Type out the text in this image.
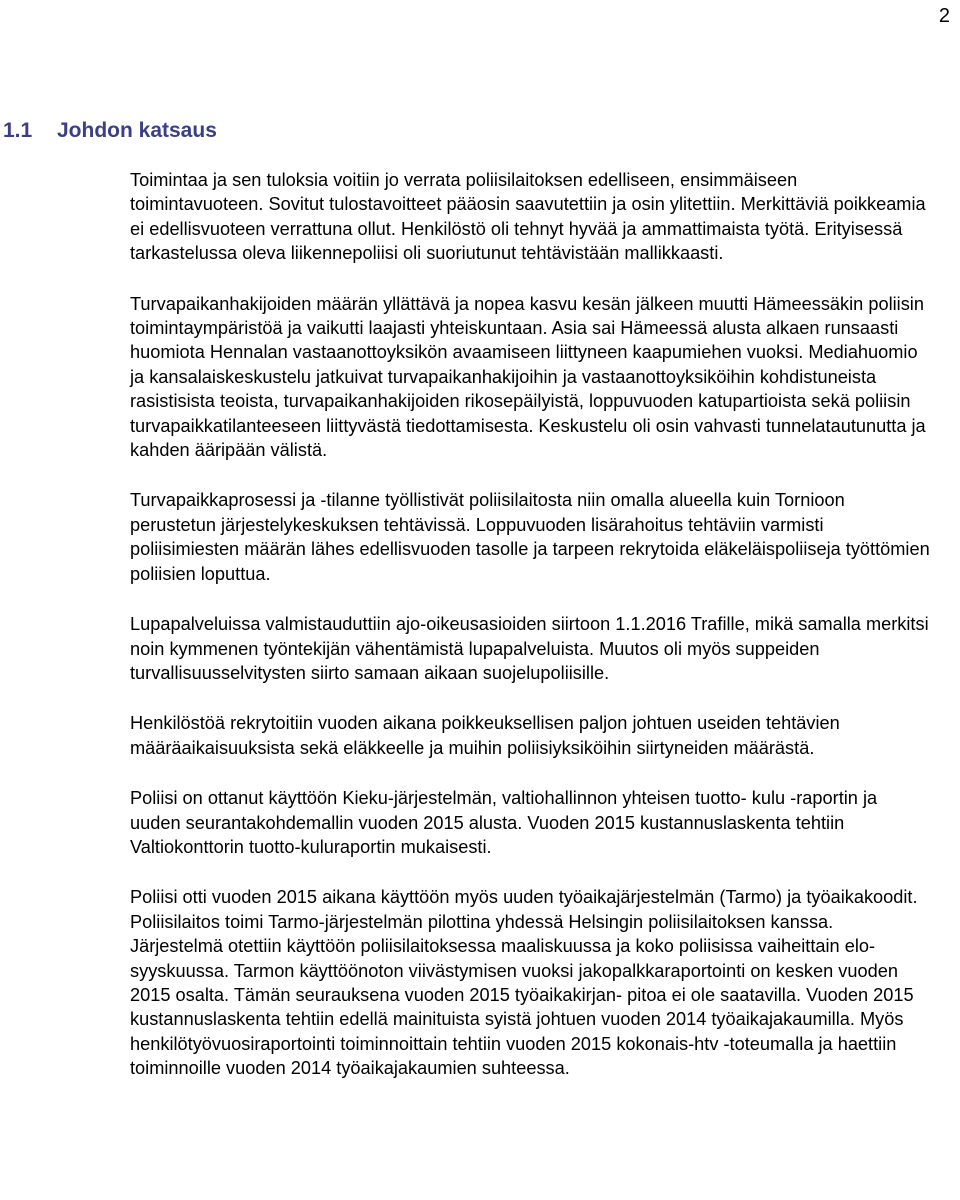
2
1.1 Johdon katsaus

Toimintaa ja sen tuloksia voitiin jo verrata poliisilaitoksen edelliseen, ensimmäiseen toimintavuoteen. Sovitut tulostavoitteet pääosin saavutettiin ja osin ylitettiin. Merkittäviä poikkeamia ei edellisvuoteen verrattuna ollut. Henkilöstö oli tehnyt hyvää ja ammattimaista työtä. Erityisessä tarkastelussa oleva liikennepoliisi oli suoriutunut tehtävistään mallikkaasti.

Turvapaikanhakijoiden määrän yllättävä ja nopea kasvu kesän jälkeen muutti Hämeessäkin poliisin toimintaympäristöä ja vaikutti laajasti yhteiskuntaan. Asia sai Hämeessä alusta alkaen runsaasti huomiota Hennalan vastaanottoyksikön avaamiseen liittyneen kaapumiehen vuoksi. Mediahuomio ja kansalaiskeskustelu jatkuivat turvapaikanhakijoihin ja vastaanottoyksiköihin kohdistuneista rasistisista teoista, turvapaikanhakijoiden rikosepäilyistä, loppuvuoden katupartioista sekä poliisin turvapaikkatilanteeseen liittyvästä tiedottamisesta. Keskustelu oli osin vahvasti tunnelatautunutta ja kahden ääripään välistä.

Turvapaikkaprosessi ja -tilanne työllistivät poliisilaitosta niin omalla alueella kuin Tornioon perustetun järjestelykeskuksen tehtävissä. Loppuvuoden lisärahoitus tehtäviin varmisti poliisimiesten määrän lähes edellisvuoden tasolle ja tarpeen rekrytoida eläkeläispoliiseja työttömien poliisien loputtua.

Lupapalveluissa valmistauduttiin ajo-oikeusasioiden siirtoon 1.1.2016 Trafille, mikä samalla merkitsi noin kymmenen työntekijän vähentämistä lupapalveluista. Muutos oli myös suppeiden turvallisuusselvitysten siirto samaan aikaan suojelupoliisille.

Henkilöstöä rekrytoitiin vuoden aikana poikkeuksellisen paljon johtuen useiden tehtävien määräaikaisuuksista sekä eläkkeelle ja muihin poliisiyksiköihin siirtyneiden määrästä.

Poliisi on ottanut käyttöön Kieku-järjestelmän, valtiohallinnon yhteisen tuotto- kulu -raportin ja uuden seurantakohdemallin vuoden 2015 alusta. Vuoden 2015 kustannuslaskenta tehtiin Valtiokonttorin tuotto-kuluraportin mukaisesti.

Poliisi otti vuoden 2015 aikana käyttöön myös uuden työaikajärjestelmän (Tarmo) ja työaikakoodit. Poliisilaitos toimi Tarmo-järjestelmän pilottina yhdessä Helsingin poliisilaitoksen kanssa. Järjestelmä otettiin käyttöön poliisilaitoksessa maaliskuussa ja koko poliisissa vaiheittain elo-syyskuussa. Tarmon käyttöönoton viivästymisen vuoksi jakopalkkaraportointi on kesken vuoden 2015 osalta. Tämän seurauksena vuoden 2015 työaikakirjan- pitoa ei ole saatavilla. Vuoden 2015 kustannuslaskenta tehtiin edellä mainituista syistä johtuen vuoden 2014 työaikajakaumilla. Myös henkilötyövuosiraportointi toiminnoittain tehtiin vuoden 2015 kokonais-htv -toteumalla ja haettiin toiminnoille vuoden 2014 työaikajakaumien suhteessa.
